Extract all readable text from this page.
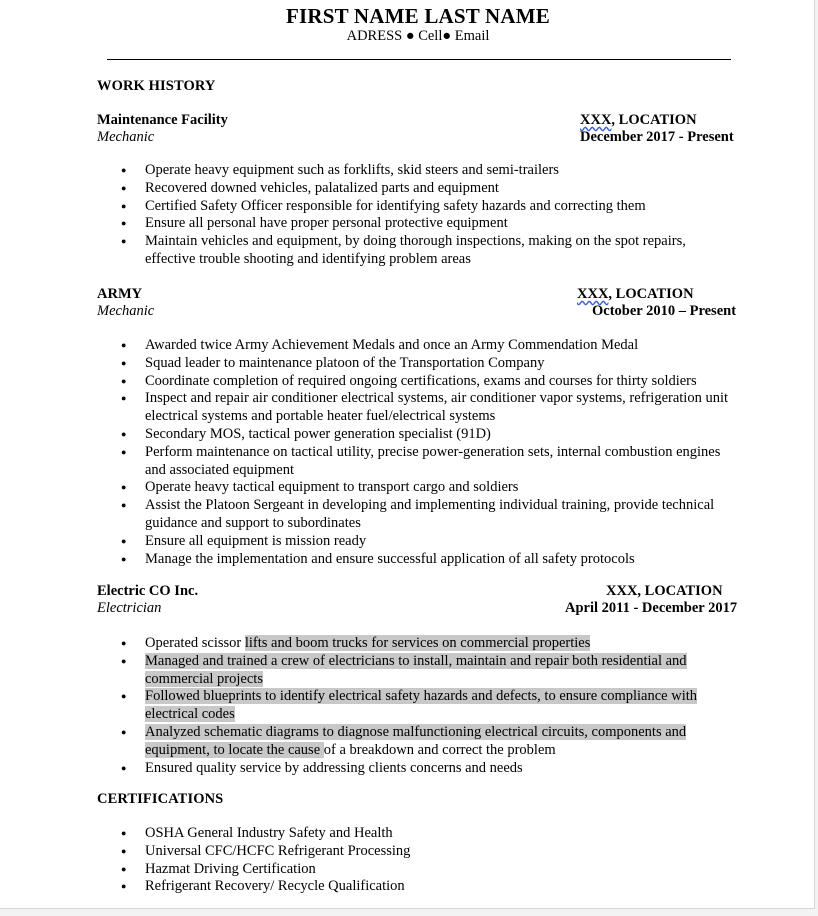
FIRST NAME LAST NAME
ADRESS ● Cell● Email
WORK HISTORY
Maintenance Facility
Mechanic
XXX, LOCATION
December 2017 - Present
● Operate heavy equipment such as forklifts, skid steers and semi-trailers
● Recovered downed vehicles, palatalized parts and equipment
● Certified Safety Officer responsible for identifying safety hazards and correcting them
● Ensure all personal have proper personal protective equipment
● Maintain vehicles and equipment, by doing thorough inspections, making on the spot repairs, effective trouble shooting and identifying problem areas
ARMY
Mechanic
XXX, LOCATION
October 2010 – Present
● Awarded twice Army Achievement Medals and once an Army Commendation Medal
● Squad leader to maintenance platoon of the Transportation Company
● Coordinate completion of required ongoing certifications, exams and courses for thirty soldiers
● Inspect and repair air conditioner electrical systems, air conditioner vapor systems, refrigeration unit electrical systems and portable heater fuel/electrical systems
● Secondary MOS, tactical power generation specialist (91D)
● Perform maintenance on tactical utility, precise power-generation sets, internal combustion engines and associated equipment
● Operate heavy tactical equipment to transport cargo and soldiers
● Assist the Platoon Sergeant in developing and implementing individual training, provide technical guidance and support to subordinates
● Ensure all equipment is mission ready
● Manage the implementation and ensure successful application of all safety protocols
Electric CO Inc.
Electrician
XXX, LOCATION
April 2011 - December 2017
● Operated scissor lifts and boom trucks for services on commercial properties
● Managed and trained a crew of electricians to install, maintain and repair both residential and commercial projects
● Followed blueprints to identify electrical safety hazards and defects, to ensure compliance with electrical codes
● Analyzed schematic diagrams to diagnose malfunctioning electrical circuits, components and equipment, to locate the cause of a breakdown and correct the problem
● Ensured quality service by addressing clients concerns and needs
CERTIFICATIONS
● OSHA General Industry Safety and Health
● Universal CFC/HCFC Refrigerant Processing
● Hazmat Driving Certification
● Refrigerant Recovery/ Recycle Qualification
